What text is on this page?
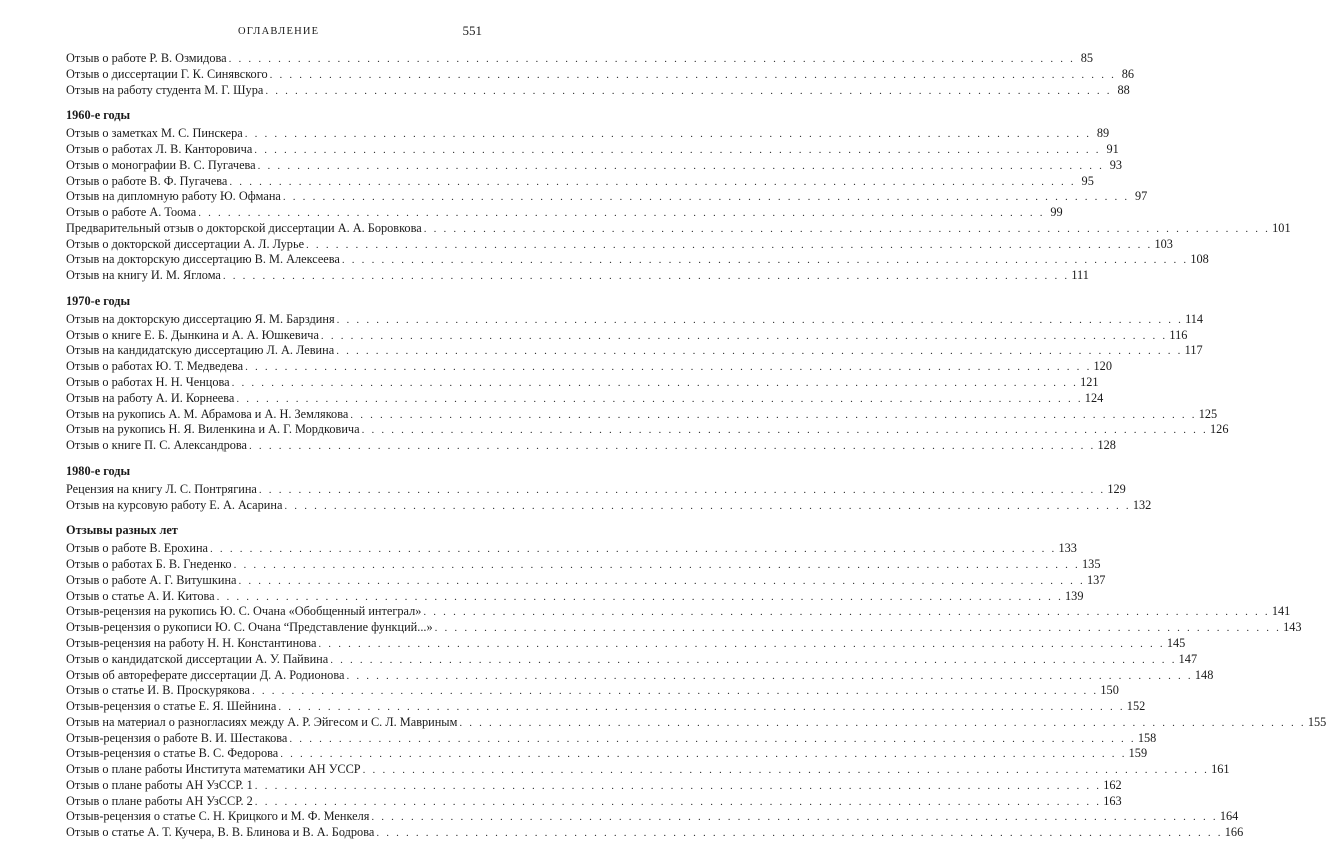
ОГЛАВЛЕНИЕ	551
Отзыв о работе Р. В. Озмидова . . .	85
Отзыв о диссертации Г. К. Синявского . . .	86
Отзыв на работу студента М. Г. Шура . . .	88
1960-е годы
Отзыв о заметках М. С. Пинскера . . .	89
Отзыв о работах Л. В. Канторовича . . .	91
Отзыв о монографии В. С. Пугачева . . .	93
Отзыв о работе В. Ф. Пугачева . . .	95
Отзыв на дипломную работу Ю. Офмана . . .	97
Отзыв о работе А. Тоома . . .	99
Предварительный отзыв о докторской диссертации А. А. Боровкова . . .	101
Отзыв о докторской диссертации А. Л. Лурье . . .	103
Отзыв на докторскую диссертацию В. М. Алексеева . . .	108
Отзыв на книгу И. М. Яглома . . .	111
1970-е годы
Отзыв на докторскую диссертацию Я. М. Барздиня . . .	114
Отзыв о книге Е. Б. Дынкина и А. А. Юшкевича . . .	116
Отзыв на кандидатскую диссертацию Л. А. Левина . . .	117
Отзыв о работах Ю. Т. Медведева . . .	120
Отзыв о работах Н. Н. Ченцова . . .	121
Отзыв на работу А. И. Корнеева . . .	124
Отзыв на рукопись А. М. Абрамова и А. Н. Землякова . . .	125
Отзыв на рукопись Н. Я. Виленкина и А. Г. Мордковича . . .	126
Отзыв о книге П. С. Александрова . . .	128
1980-е годы
Рецензия на книгу Л. С. Понтрягина . . .	129
Отзыв на курсовую работу Е. А. Асарина . . .	132
Отзывы разных лет
Отзыв о работе В. Ерохина . . .	133
Отзыв о работах Б. В. Гнеденко . . .	135
Отзыв о работе А. Г. Витушкина . . .	137
Отзыв о статье А. И. Китова . . .	139
Отзыв-рецензия на рукопись Ю. С. Очана «Обобщенный интеграл» . . .	141
Отзыв-рецензия о рукописи Ю. С. Очана “Представление функций...» . . .	143
Отзыв-рецензия на работу Н. Н. Константинова . . .	145
Отзыв о кандидатской диссертации А. У. Пайвина . . .	147
Отзыв об автореферате диссертации Д. А. Родионова . . .	148
Отзыв о статье И. В. Проскурякова . . .	150
Отзыв-рецензия о статье Е. Я. Шейнина . . .	152
Отзыв на материал о разногласиях между А. Р. Эйгесом и С. Л. Мавриным . . .	155
Отзыв-рецензия о работе В. И. Шестакова . . .	158
Отзыв-рецензия о статье В. С. Федорова . . .	159
Отзыв о плане работы Института математики АН УССР . . .	161
Отзыв о плане работы АН УзССР. 1 . . .	162
Отзыв о плане работы АН УзССР. 2 . . .	163
Отзыв-рецензия о статье С. Н. Крицкого и М. Ф. Менкеля . . .	164
Отзыв о статье А. Т. Кучера, В. В. Блинова и В. А. Бодрова . . .	166
